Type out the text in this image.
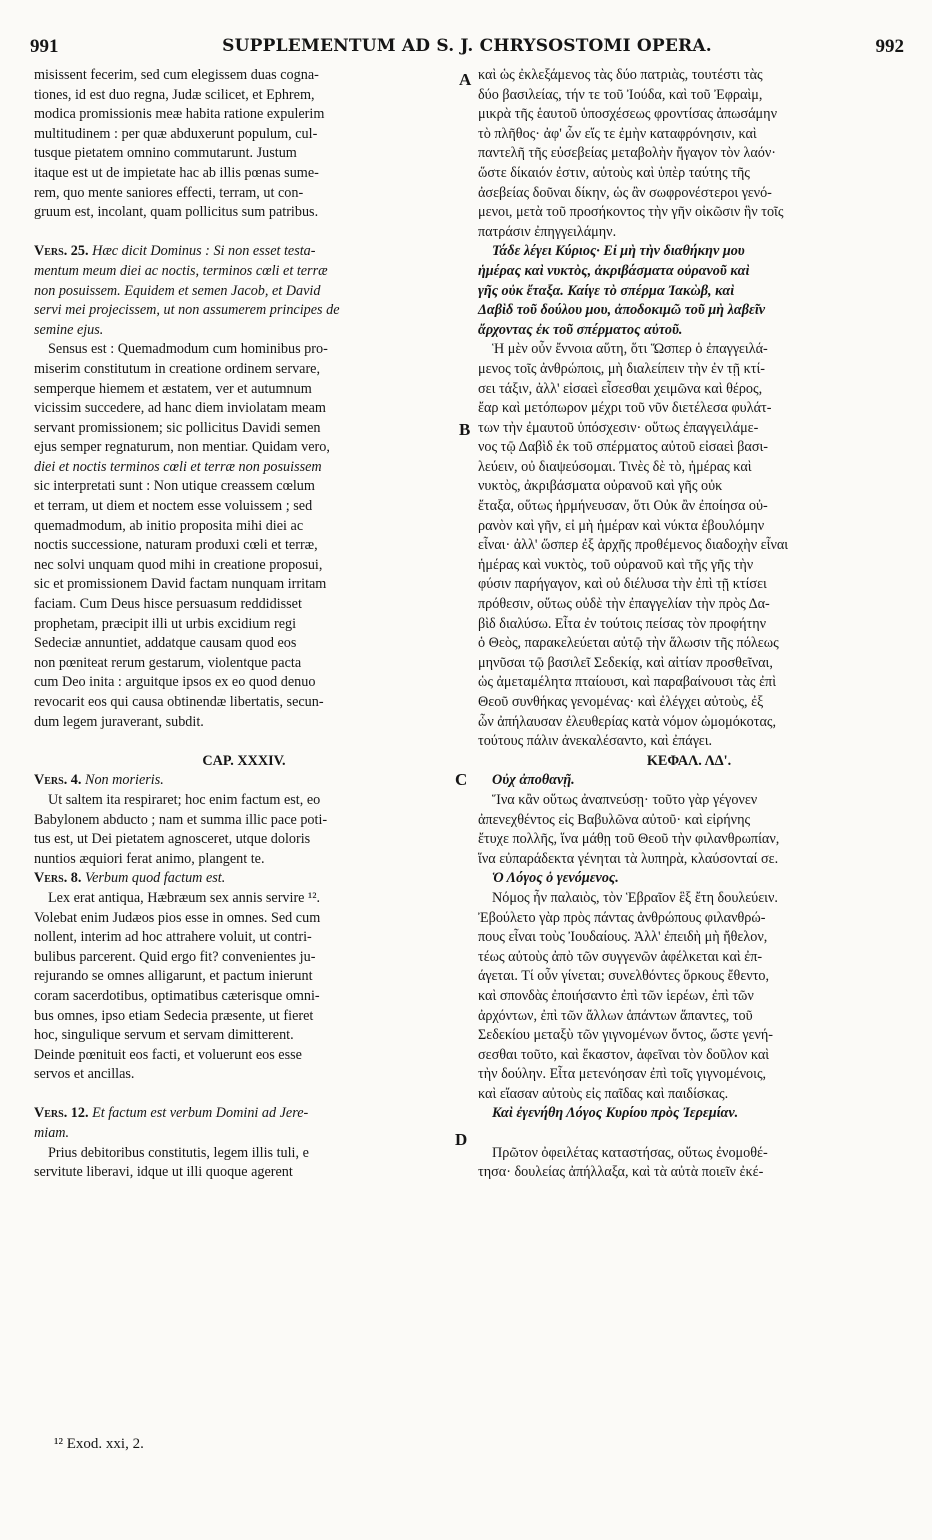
991	SUPPLEMENTUM AD S. J. CHRYSOSTOMI OPERA.	992
misissent fecerim, sed cum elegissem duas cogna-
tiones, id est duo regna, Judæ scilicet, et Ephrem,
modica promissionis meæ habita ratione expulerim
multitudinem : per quæ abduxerunt populum, cul-
tusque pietatem omnino commutarunt. Justum
itaque est ut de impietate hac ab illis pœnas sume-
rem, quo mente saniores effecti, terram, ut con-
gruum est, incolant, quam pollicitus sum patribus.
Vers. 25. Hæc dicit Dominus : Si non esset testa-
mentum meum diei ac noctis, terminos cœli et terræ
non posuissem. Equidem et semen Jacob, et David
servi mei projecissem, ut non assumerem principes de
semine ejus.
Sensus est : Quemadmodum cum hominibus pro-
miserim constitutum in creatione ordinem servare,
semperque hiemem et æstatem, ver et autumnum
vicissim succedere, ad hanc diem inviolatam meam
servant promissionem; sic pollicitus Davidi semen
ejus semper regnaturum, non mentiar. Quidam vero,
diei et noctis terminos cœli et terræ non posuissem
sic interpretati sunt : Non utique creassem cœlum
et terram, ut diem et noctem esse voluissem ; sed
quemadmodum, ab initio proposita mihi diei ac
noctis successione, naturam produxi cœli et terræ,
nec solvi unquam quod mihi in creatione proposui,
sic et promissionem David factam nunquam irritam
faciam. Cum Deus hisce persuasum reddidisset
prophetam, præcipit illi ut urbis excidium regi
Sedeciæ annuntiet, addatque causam quod eos
non pœniteat rerum gestarum, violentque pacta
cum Deo inita : arguitque ipsos ex eo quod denuo
revocarit eos qui causa obtinendæ libertatis, secun-
dum legem juraverant, subdit.
CAP. XXXIV.
Vers. 4. Non morieris.
Ut saltem ita respiraret; hoc enim factum est, eo
Babylonem abducto ; nam et summa illic pace poti-
tus est, ut Dei pietatem agnosceret, utque doloris
nuntios æquiori ferat animo, plangent te.
Vers. 8. Verbum quod factum est.
Lex erat antiqua, Hæbræum sex annis servire ¹².
Volebat enim Judæos pios esse in omnes. Sed cum
nollent, interim ad hoc attrahere voluit, ut contri-
bulibus parcerent. Quid ergo fit? convenientes ju-
rejurando se omnes alligarunt, et pactum inierunt
coram sacerdotibus, optimatibus cæterisque omni-
bus omnes, ipso etiam Sedecia præsente, ut fieret
hoc, singulique servum et servam dimitterent.
Deinde pœnituit eos facti, et voluerunt eos esse
servos et ancillas.
Vers. 12. Et factum est verbum Domini ad Jere-
miam.
Prius debitoribus constitutis, legem illis tuli, e
servitute liberavi, idque ut illi quoque agerent
καὶ ὡς ἐκλεξάμενος τὰς δύο πατριὰς, τουτέστι τὰς
δύο βασιλείας, τήν τε τοῦ Ἰούδα, καὶ τοῦ Ἐφραὶμ,
μικρὰ τῆς ἑαυτοῦ ὑποσχέσεως φροντίσας ἀπωσάμην
τὸ πλῆθος· ἀφ' ὧν εἴς τε ἐμὴν καταφρόνησιν, καὶ
παντελῆ τῆς εὐσεβείας μεταβολὴν ἤγαγον τὸν λαόν·
ὥστε δίκαιόν ἐστιν, αὐτοὺς καὶ ὑπὲρ ταύτης τῆς
ἀσεβείας δοῦναι δίκην, ὡς ἂν σωφρονέστεροι γενό-
μενοι, μετὰ τοῦ προσήκοντος τὴν γῆν οἰκῶσιν ἣν τοῖς
πατράσιν ἐπηγγειλάμην.
Τάδε λέγει Κύριος· Εἰ μὴ τὴν διαθήκην μου
ἡμέρας καὶ νυκτὸς, ἀκριβάσματα οὐρανοῦ καὶ
γῆς οὐκ ἔταξα. Καίγε τὸ σπέρμα Ἰακὼβ, καὶ
Δαβὶδ τοῦ δούλου μου, ἀποδοκιμῶ τοῦ μὴ λαβεῖν
ἄρχοντας ἐκ τοῦ σπέρματος αὐτοῦ.
Ἡ μὲν οὖν ἔννοια αὕτη, ὅτι Ὥσπερ ὁ ἐπαγγειλά-
μενος τοῖς ἀνθρώποις, μὴ διαλείπειν τὴν ἐν τῇ κτί-
σει τάξιν, ἀλλ' εἰσαεὶ εἶσεσθαι χειμῶνα καὶ θέρος,
ἔαρ καὶ μετόπωρον μέχρι τοῦ νῦν διετέλεσα φυλάτ-
των τὴν ἐμαυτοῦ ὑπόσχεσιν· οὕτως ἐπαγγειλάμε-
νος τῷ Δαβὶδ ἐκ τοῦ σπέρματος αὐτοῦ εἰσαεὶ βασι-
λεύειν, οὐ διαψεύσομαι. Τινὲς δὲ τὸ, ἡμέρας καὶ
νυκτὸς, ἀκριβάσματα οὐρανοῦ καὶ γῆς οὐκ
ἔταξα, οὕτως ἡρμήνευσαν, ὅτι Οὐκ ἂν ἐποίησα οὐ-
ρανὸν καὶ γῆν, εἰ μὴ ἡμέραν καὶ νύκτα ἐβουλόμην
εἶναι· ἀλλ' ὥσπερ ἐξ ἀρχῆς προθέμενος διαδοχὴν εἶναι
ἡμέρας καὶ νυκτὸς, τοῦ οὐρανοῦ καὶ τῆς γῆς τὴν
φύσιν παρήγαγον, καὶ οὐ διέλυσα τὴν ἐπὶ τῇ κτίσει
πρόθεσιν, οὕτως οὐδὲ τὴν ἐπαγγελίαν τὴν πρὸς Δα-
βὶδ διαλύσω. Εἶτα ἐν τούτοις πείσας τὸν προφήτην
ὁ Θεὸς, παρακελεύεται αὐτῷ τὴν ἅλωσιν τῆς πόλεως
μηνῦσαι τῷ βασιλεῖ Σεδεκίᾳ, καὶ αἰτίαν προσθεῖναι,
ὡς ἀμεταμέλητα πταίουσι, καὶ παραβαίνουσι τὰς ἐπὶ
Θεοῦ συνθήκας γενομένας· καὶ ἐλέγχει αὐτοὺς, ἐξ
ὧν ἀπήλαυσαν ἐλευθερίας κατὰ νόμον ὠμομόκοτας,
τούτους πάλιν ἀνεκαλέσαντο, καὶ ἐπάγει.
ΚΕΦΑΛ. ΛΔ'.
Οὐχ ἀποθανῇ.
Ἵνα κἂν οὕτως ἀναπνεύσῃ· τοῦτο γὰρ γέγονεν
ἀπενεχθέντος εἰς Βαβυλῶνα αὐτοῦ· καὶ εἰρήνης
ἔτυχε πολλῆς, ἵνα μάθῃ τοῦ Θεοῦ τὴν φιλανθρωπίαν,
ἵνα εὐπαράδεκτα γένηται τὰ λυπηρὰ, κλαύσονταί σε.
Ὁ Λόγος ὁ γενόμενος.
Νόμος ἦν παλαιὸς, τὸν Ἑβραῖον ἓξ ἔτη δουλεύειν.
Ἐβούλετο γὰρ πρὸς πάντας ἀνθρώπους φιλανθρώ-
πους εἶναι τοὺς Ἰουδαίους. Ἀλλ' ἐπειδὴ μὴ ἤθελον,
τέως αὐτοὺς ἀπὸ τῶν συγγενῶν ἀφέλκεται καὶ ἐπ-
άγεται. Τί οὖν γίνεται; συνελθόντες ὅρκους ἔθεντο,
καὶ σπονδὰς ἐποιήσαντο ἐπὶ τῶν ἱερέων, ἐπὶ τῶν
ἀρχόντων, ἐπὶ τῶν ἄλλων ἁπάντων ἅπαντες, τοῦ
Σεδεκίου μεταξὺ τῶν γιγνομένων ὄντος, ὥστε γενή-
σεσθαι τοῦτο, καὶ ἕκαστον, ἀφεῖναι τὸν δοῦλον καὶ
τὴν δούλην. Εἶτα μετενόησαν ἐπὶ τοῖς γιγνομένοις,
καὶ εἴασαν αὐτοὺς εἰς παῖδας καὶ παιδίσκας.
Καὶ ἐγενήθη Λόγος Κυρίου πρὸς Ἰερεμίαν.
Πρῶτον ὀφειλέτας καταστήσας, οὕτως ἐνομοθέ-
τησα· δουλείας ἀπήλλαξα, καὶ τὰ αὐτὰ ποιεῖν ἐκέ-
A
B
C
D
¹² Exod. xxi, 2.
